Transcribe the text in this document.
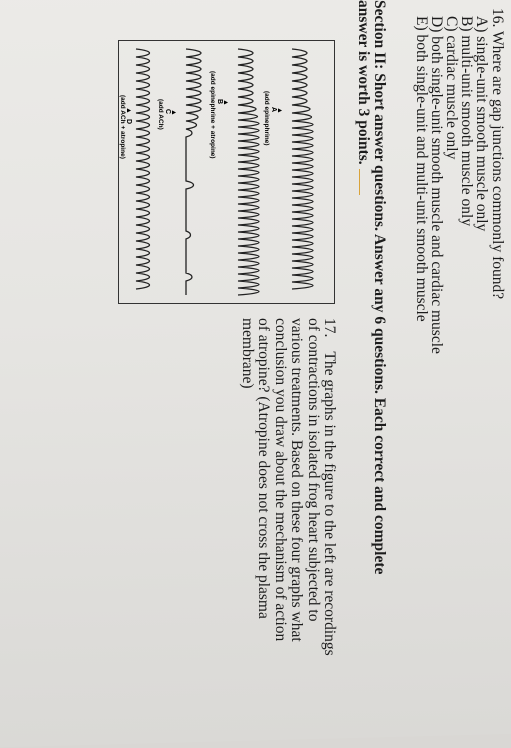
16. Where are gap junctions commonly found?
A) single-unit smooth muscle only
B) multi-unit smooth muscle only
C) cardiac muscle only
D) both single-unit smooth muscle and cardiac muscle
E) both single-unit and multi-unit smooth muscle
Section II: Short answer questions. Answer any 6 questions. Each correct and complete
answer is worth 3 points.
▲
A
(add epinephrine)
▲
B
(add epinephrine + atropine)
▲
C
(add ACh)
▲
D
(add ACh + atropine)
17.The graphs in the figure to the left are recordings of contractions in isolated frog heart subjected to various treatments. Based on these four graphs what conclusion you draw about the mechanism of action of atropine? (Atropine does not cross the plasma membrane)
